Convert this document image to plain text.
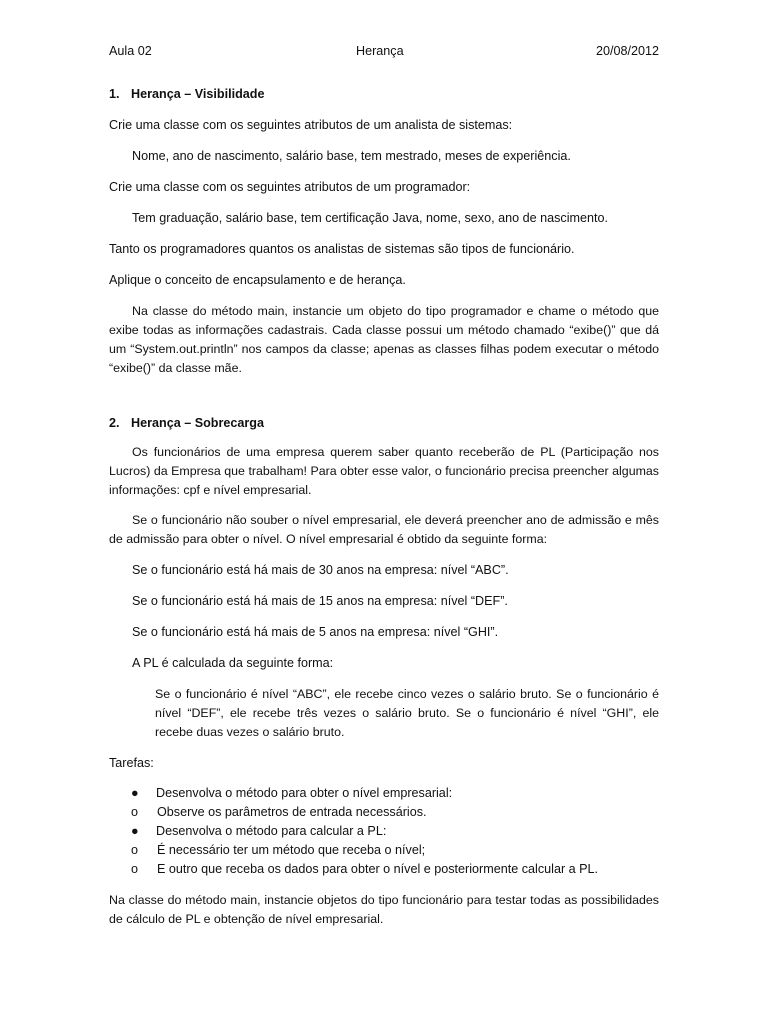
Aula 02	Herança	20/08/2012
1. Herança – Visibilidade

Crie uma classe com os seguintes atributos de um analista de sistemas:

Nome, ano de nascimento, salário base, tem mestrado, meses de experiência.

Crie uma classe com os seguintes atributos de um programador:

Tem graduação, salário base, tem certificação Java, nome, sexo, ano de nascimento.

Tanto os programadores quantos os analistas de sistemas são tipos de funcionário.

Aplique o conceito de encapsulamento e de herança.

Na classe do método main, instancie um objeto do tipo programador e chame o método que exibe todas as informações cadastrais. Cada classe possui um método chamado “exibe()” que dá um “System.out.println” nos campos da classe; apenas as classes filhas podem executar o método “exibe()” da classe mãe.

2. Herança – Sobrecarga

Os funcionários de uma empresa querem saber quanto receberão de PL (Participação nos Lucros) da Empresa que trabalham! Para obter esse valor, o funcionário precisa preencher algumas informações: cpf e nível empresarial.

Se o funcionário não souber o nível empresarial, ele deverá preencher ano de admissão e mês de admissão para obter o nível. O nível empresarial é obtido da seguinte forma:

Se o funcionário está há mais de 30 anos na empresa: nível “ABC”.

Se o funcionário está há mais de 15 anos na empresa: nível “DEF”.

Se o funcionário está há mais de 5 anos na empresa: nível “GHI”.

A PL é calculada da seguinte forma:

Se o funcionário é nível “ABC”, ele recebe cinco vezes o salário bruto. Se o funcionário é nível “DEF”, ele recebe três vezes o salário bruto. Se o funcionário é nível “GHI”, ele recebe duas vezes o salário bruto.

Tarefas:

● Desenvolva o método para obter o nível empresarial:
o Observe os parâmetros de entrada necessários.
● Desenvolva o método para calcular a PL:
o É necessário ter um método que receba o nível;
o E outro que receba os dados para obter o nível e posteriormente calcular a PL.

Na classe do método main, instancie objetos do tipo funcionário para testar todas as possibilidades de cálculo de PL e obtenção de nível empresarial.
